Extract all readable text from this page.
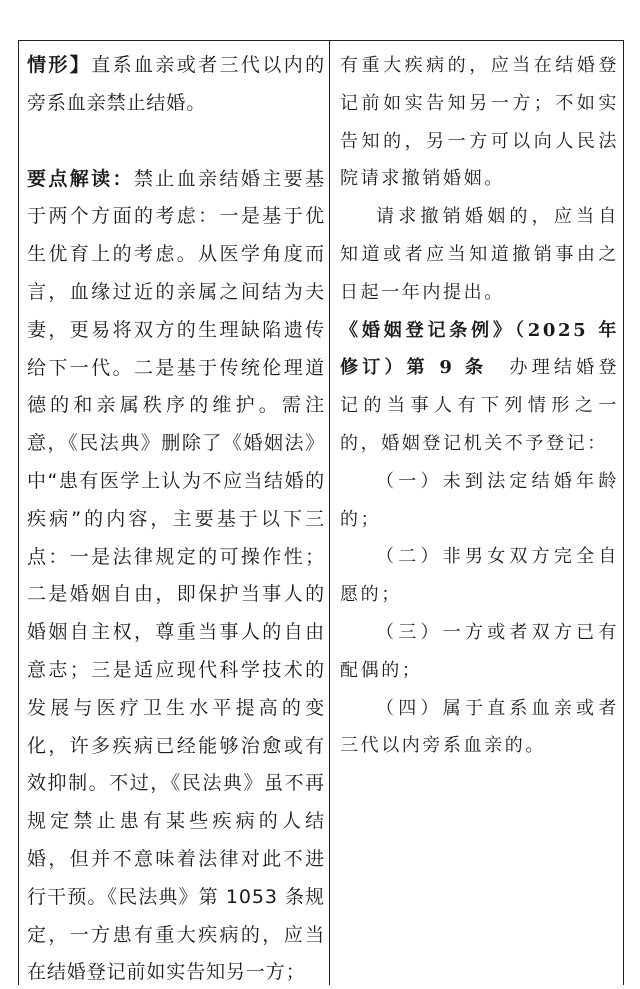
情形】直系血亲或者三代以内的旁系血亲禁止结婚。

要点解读：禁止血亲结婚主要基于两个方面的考虑：一是基于优生优育上的考虑。从医学角度而言，血缘过近的亲属之间结为夫妻，更易将双方的生理缺陷遗传给下一代。二是基于传统伦理道德的和亲属秩序的维护。需注意，《民法典》删除了《婚姻法》中“患有医学上认为不应当结婚的疾病”的内容，主要基于以下三点：一是法律规定的可操作性；二是婚姻自由，即保护当事人的婚姻自主权，尊重当事人的自由意志；三是适应现代科学技术的发展与医疗卫生水平提高的变化，许多疾病已经能够治愈或有效抑制。不过，《民法典》虽不再规定禁止患有某些疾病的人结婚，但并不意味着法律对此不进行干预。《民法典》第 1053 条规定，一方患有重大疾病的，应当在结婚登记前如实告知另一方；

有重大疾病的，应当在结婚登记前如实告知另一方；不如实告知的，另一方可以向人民法院请求撤销婚姻。

请求撤销婚姻的，应当自知道或者应当知道撤销事由之日起一年内提出。

《婚姻登记条例》（2025 年修订）第 9 条　办理结婚登记的当事人有下列情形之一的，婚姻登记机关不予登记：

（一）未到法定结婚年龄的；

（二）非男女双方完全自愿的；

（三）一方或者双方已有配偶的；

（四）属于直系血亲或者三代以内旁系血亲的。
